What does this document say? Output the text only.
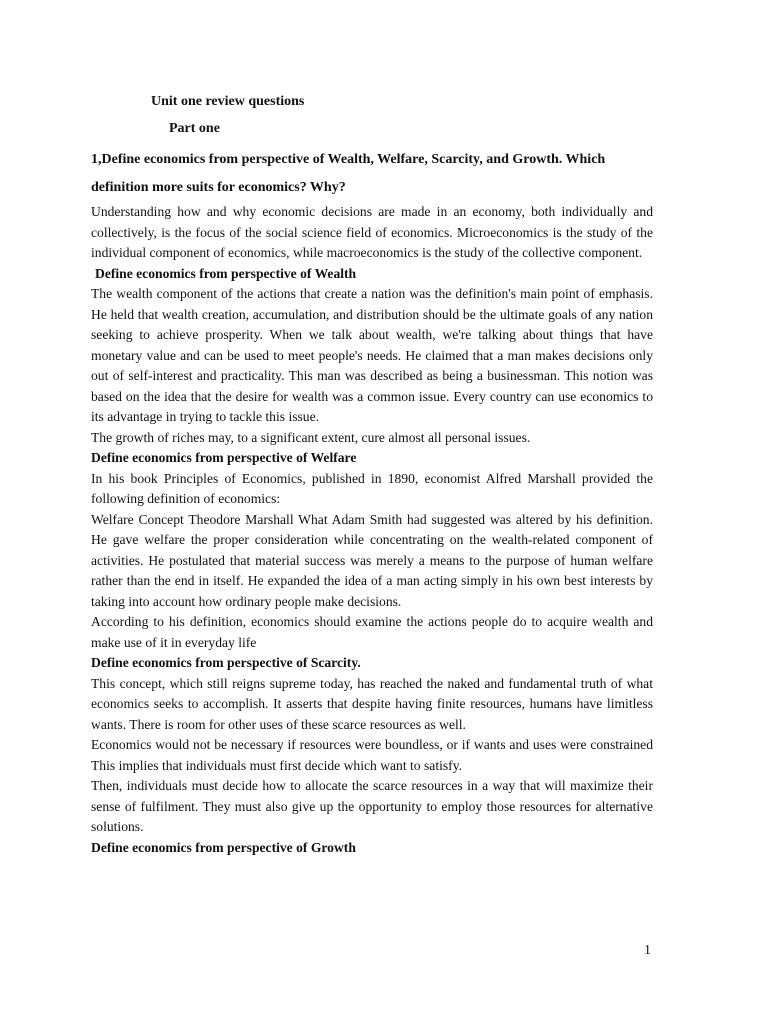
Unit one review questions
Part one
1,Define economics from perspective of Wealth, Welfare, Scarcity, and Growth. Which definition more suits for economics? Why?

Understanding how and why economic decisions are made in an economy, both individually and collectively, is the focus of the social science field of economics. Microeconomics is the study of the individual component of economics, while macroeconomics is the study of the collective component.

Define economics from perspective of Wealth

The wealth component of the actions that create a nation was the definition's main point of emphasis. He held that wealth creation, accumulation, and distribution should be the ultimate goals of any nation seeking to achieve prosperity. When we talk about wealth, we're talking about things that have monetary value and can be used to meet people's needs. He claimed that a man makes decisions only out of self-interest and practicality. This man was described as being a businessman. This notion was based on the idea that the desire for wealth was a common issue. Every country can use economics to its advantage in trying to tackle this issue.

The growth of riches may, to a significant extent, cure almost all personal issues.

Define economics from perspective of Welfare

In his book Principles of Economics, published in 1890, economist Alfred Marshall provided the following definition of economics:

Welfare Concept Theodore Marshall What Adam Smith had suggested was altered by his definition. He gave welfare the proper consideration while concentrating on the wealth-related component of activities. He postulated that material success was merely a means to the purpose of human welfare rather than the end in itself. He expanded the idea of a man acting simply in his own best interests by taking into account how ordinary people make decisions.

According to his definition, economics should examine the actions people do to acquire wealth and make use of it in everyday life

Define economics from perspective of Scarcity.

This concept, which still reigns supreme today, has reached the naked and fundamental truth of what economics seeks to accomplish. It asserts that despite having finite resources, humans have limitless wants. There is room for other uses of these scarce resources as well.

Economics would not be necessary if resources were boundless, or if wants and uses were constrained This implies that individuals must first decide which want to satisfy.

Then, individuals must decide how to allocate the scarce resources in a way that will maximize their sense of fulfilment. They must also give up the opportunity to employ those resources for alternative solutions.

Define economics from perspective of Growth

1
